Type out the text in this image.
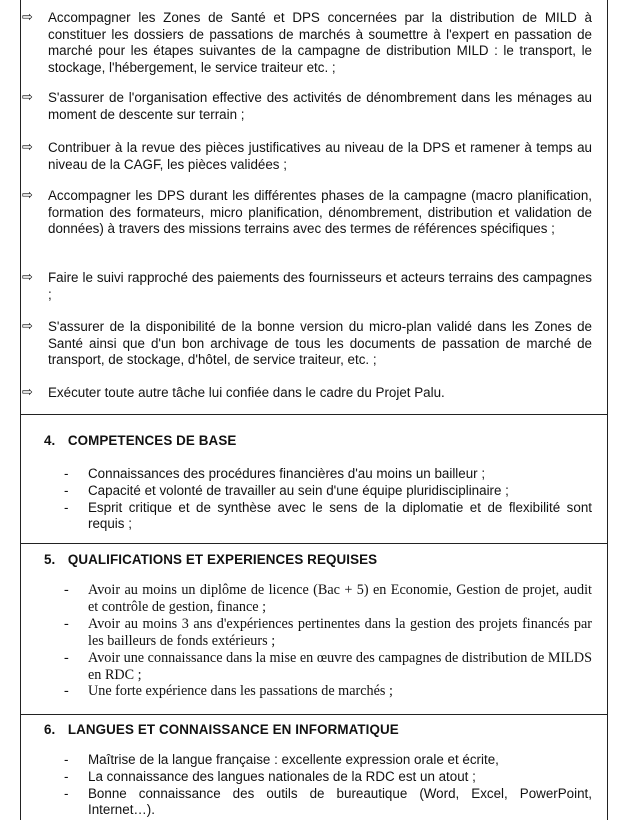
⇨ Accompagner les Zones de Santé et DPS concernées par la distribution de MILD à constituer les dossiers de passations de marchés à soumettre à l'expert en passation de marché pour les étapes suivantes de la campagne de distribution MILD : le transport, le stockage, l'hébergement, le service traiteur etc. ;
⇨ S'assurer de l'organisation effective des activités de dénombrement dans les ménages au moment de descente sur terrain ;
⇨ Contribuer à la revue des pièces justificatives au niveau de la DPS et ramener à temps au niveau de la CAGF, les pièces validées ;
⇨ Accompagner les DPS durant les différentes phases de la campagne (macro planification, formation des formateurs, micro planification, dénombrement, distribution et validation de données) à travers des missions terrains avec des termes de références spécifiques ;
⇨ Faire le suivi rapproché des paiements des fournisseurs et acteurs terrains des campagnes ;
⇨ S'assurer de la disponibilité de la bonne version du micro-plan validé dans les Zones de Santé ainsi que d'un bon archivage de tous les documents de passation de marché de transport, de stockage, d'hôtel, de service traiteur, etc. ;
⇨ Exécuter toute autre tâche lui confiée dans le cadre du Projet Palu.
4. COMPETENCES DE BASE
- Connaissances des procédures financières d'au moins un bailleur ;
- Capacité et volonté de travailler au sein d'une équipe pluridisciplinaire ;
- Esprit critique et de synthèse avec le sens de la diplomatie et de flexibilité sont requis ;
5. QUALIFICATIONS ET EXPERIENCES REQUISES
- Avoir au moins un diplôme de licence (Bac + 5) en Economie, Gestion de projet, audit et contrôle de gestion, finance ;
- Avoir au moins 3 ans d'expériences pertinentes dans la gestion des projets financés par les bailleurs de fonds extérieurs ;
- Avoir une connaissance dans la mise en œuvre des campagnes de distribution de MILDS en RDC ;
- Une forte expérience dans les passations de marchés ;
6. LANGUES ET CONNAISSANCE EN INFORMATIQUE
- Maîtrise de la langue française : excellente expression orale et écrite,
- La connaissance des langues nationales de la RDC est un atout ;
- Bonne connaissance des outils de bureautique (Word, Excel, PowerPoint, Internet…).
